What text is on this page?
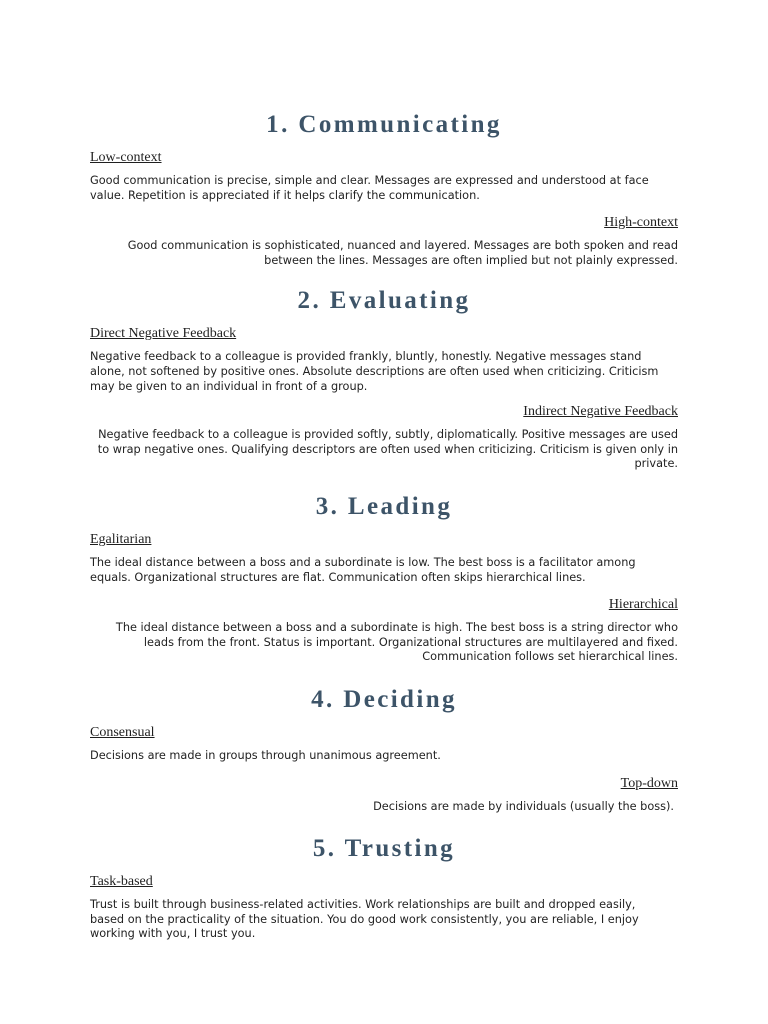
1. Communicating

Low-context

Good communication is precise, simple and clear. Messages are expressed and understood at face
value. Repetition is appreciated if it helps clarify the communication.

High-context

Good communication is sophisticated, nuanced and layered. Messages are both spoken and read
between the lines. Messages are often implied but not plainly expressed.

2. Evaluating

Direct Negative Feedback

Negative feedback to a colleague is provided frankly, bluntly, honestly. Negative messages stand
alone, not softened by positive ones. Absolute descriptions are often used when criticizing. Criticism
may be given to an individual in front of a group.

Indirect Negative Feedback

Negative feedback to a colleague is provided softly, subtly, diplomatically. Positive messages are used
to wrap negative ones. Qualifying descriptors are often used when criticizing. Criticism is given only in
private.

3. Leading

Egalitarian

The ideal distance between a boss and a subordinate is low. The best boss is a facilitator among
equals. Organizational structures are flat. Communication often skips hierarchical lines.

Hierarchical

The ideal distance between a boss and a subordinate is high. The best boss is a string director who
leads from the front. Status is important. Organizational structures are multilayered and fixed.
Communication follows set hierarchical lines.

4. Deciding

Consensual

Decisions are made in groups through unanimous agreement.

Top-down

Decisions are made by individuals (usually the boss).

5. Trusting

Task-based

Trust is built through business-related activities. Work relationships are built and dropped easily,
based on the practicality of the situation. You do good work consistently, you are reliable, I enjoy
working with you, I trust you.
